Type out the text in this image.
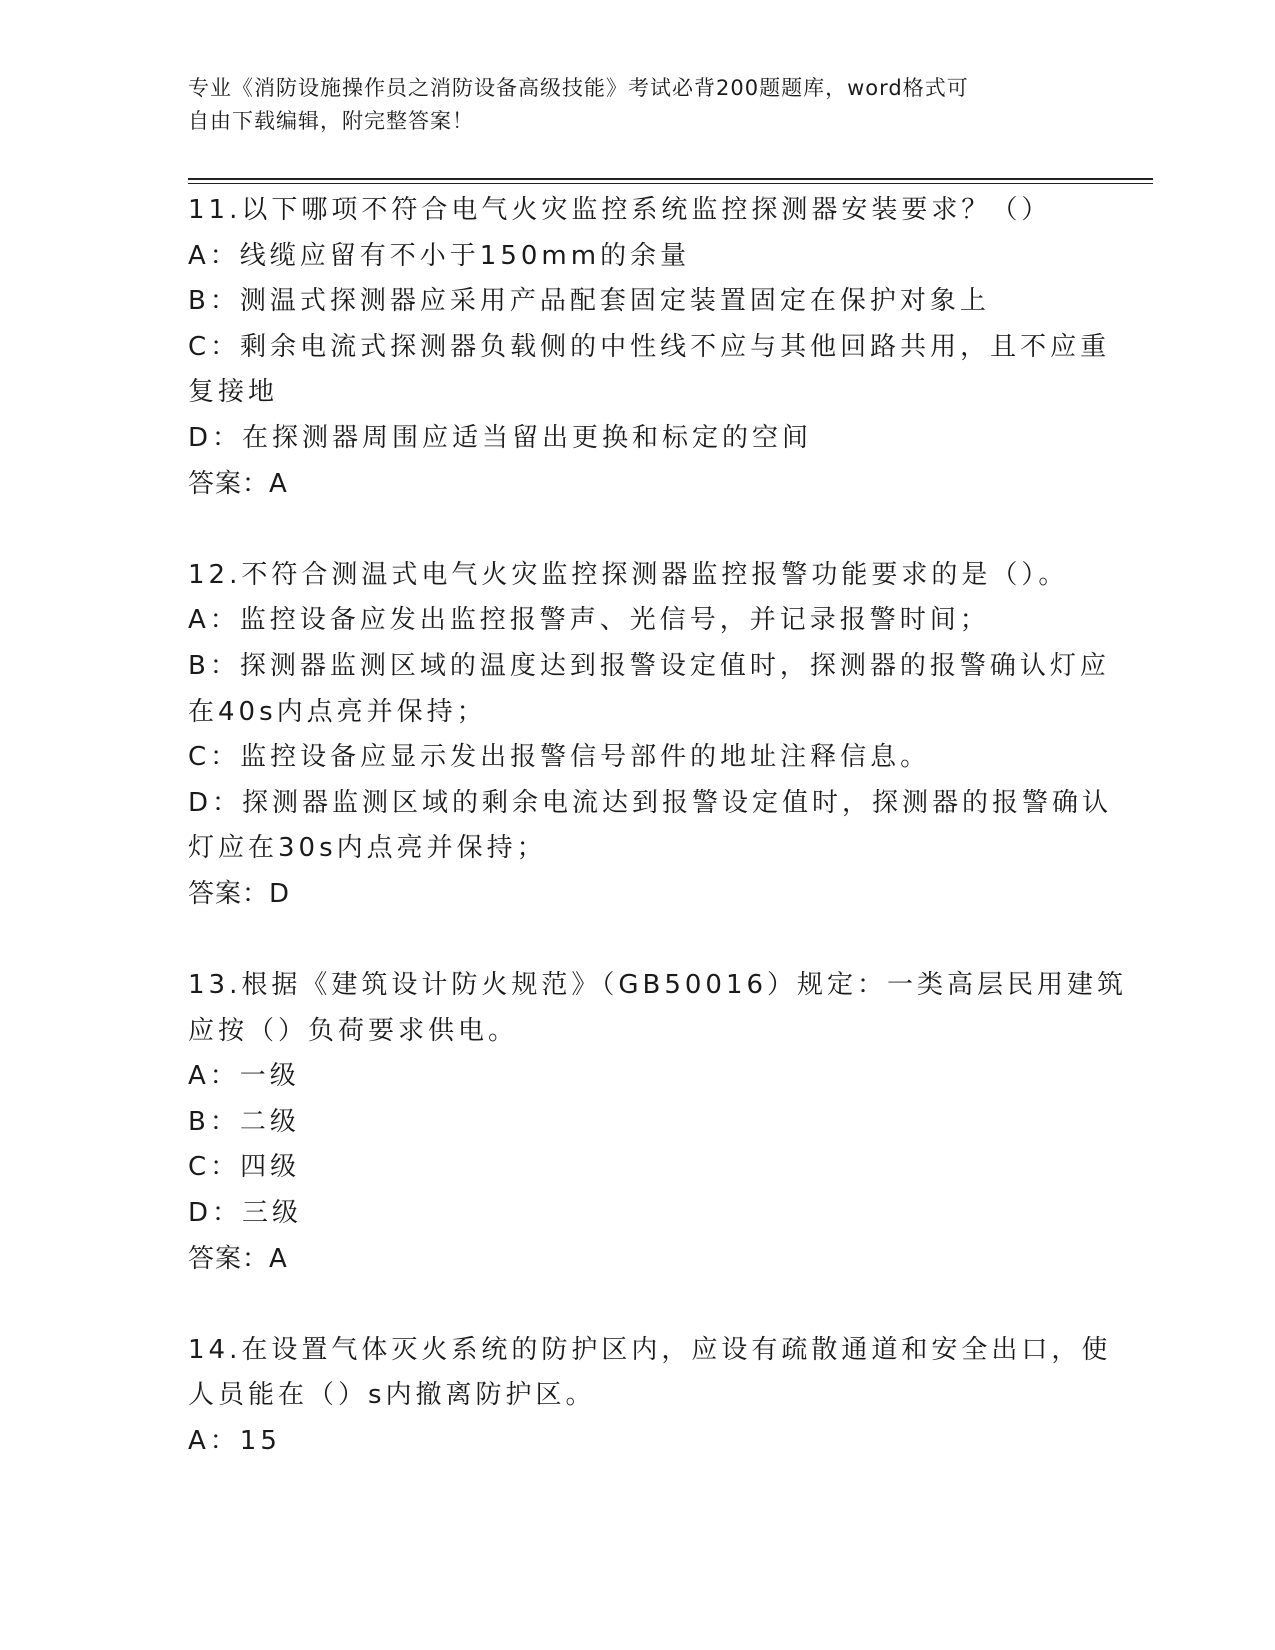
专业《消防设施操作员之消防设备高级技能》考试必背200题题库，word格式可
自由下载编辑，附完整答案！
11.以下哪项不符合电气火灾监控系统监控探测器安装要求？（）
A：线缆应留有不小于150mm的余量
B：测温式探测器应采用产品配套固定装置固定在保护对象上
C：剩余电流式探测器负载侧的中性线不应与其他回路共用，且不应重
复接地
D：在探测器周围应适当留出更换和标定的空间
答案：A
12.不符合测温式电气火灾监控探测器监控报警功能要求的是（）。
A：监控设备应发出监控报警声、光信号，并记录报警时间；
B：探测器监测区域的温度达到报警设定值时，探测器的报警确认灯应
在40s内点亮并保持；
C：监控设备应显示发出报警信号部件的地址注释信息。
D：探测器监测区域的剩余电流达到报警设定值时，探测器的报警确认
灯应在30s内点亮并保持；
答案：D
13.根据《建筑设计防火规范》（GB50016）规定：一类高层民用建筑
应按（）负荷要求供电。
A：一级
B：二级
C：四级
D：三级
答案：A
14.在设置气体灭火系统的防护区内，应设有疏散通道和安全出口，使
人员能在（）s内撤离防护区。
A：15
